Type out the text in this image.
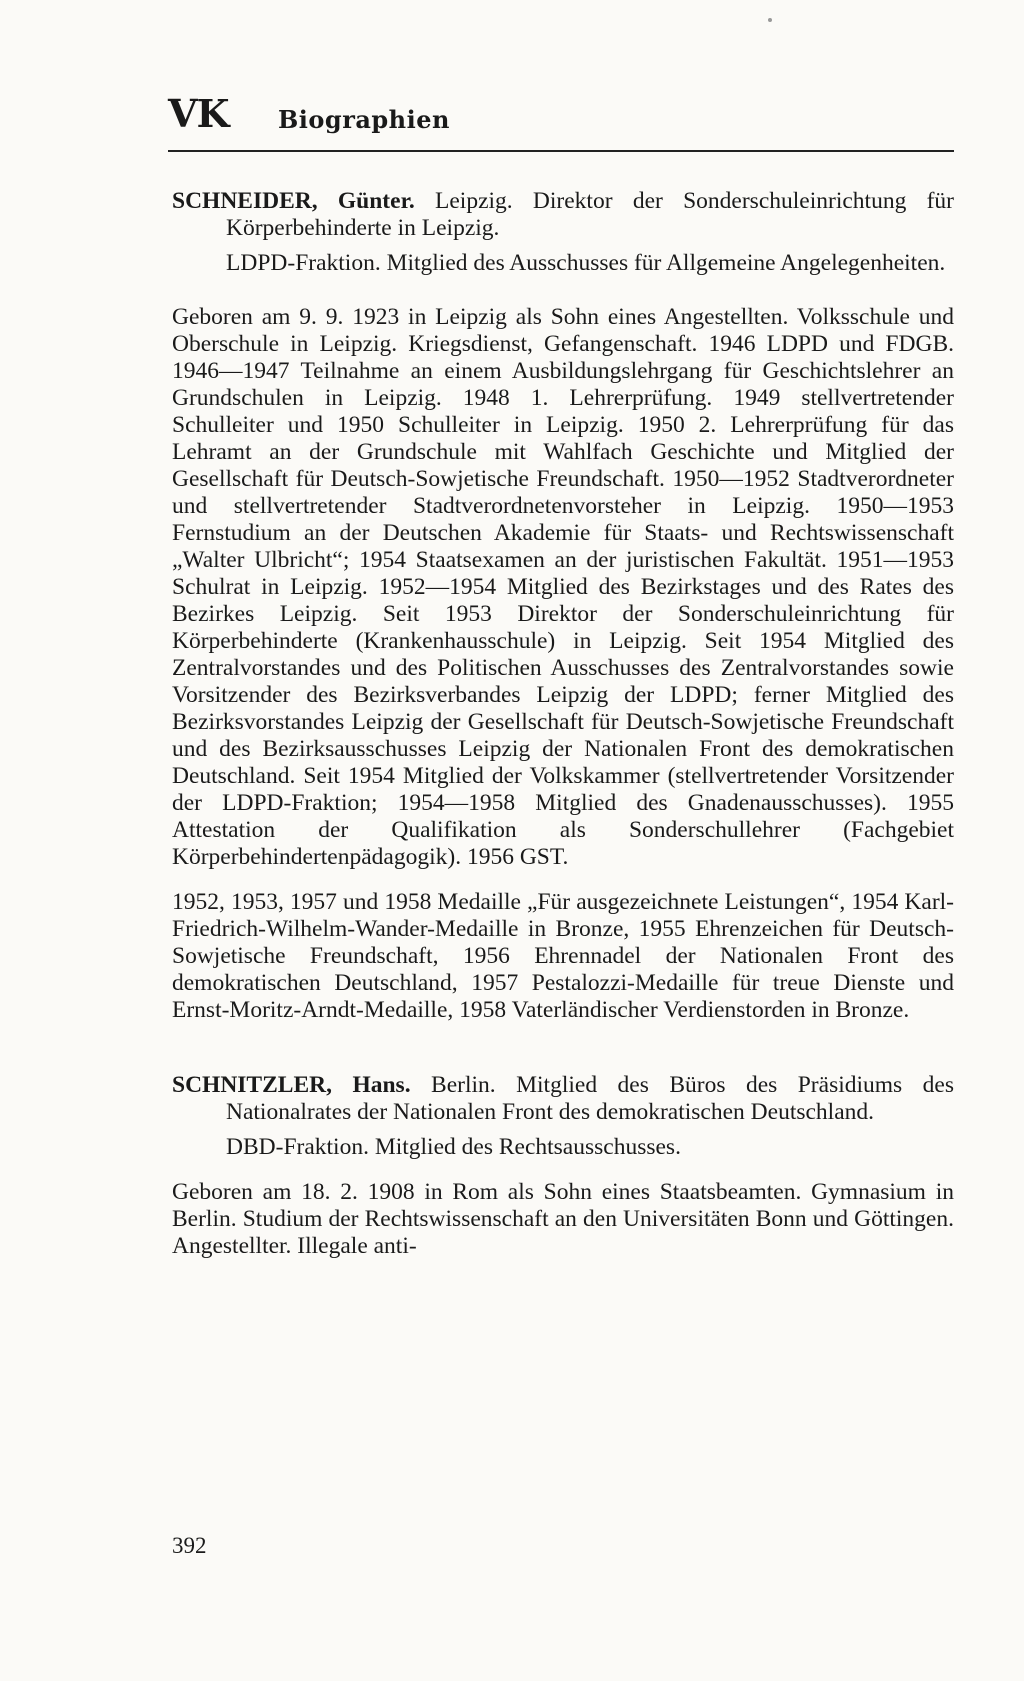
VK Biographien

SCHNEIDER, Günter. Leipzig. Direktor der Sonderschuleinrichtung für Körperbehinderte in Leipzig.

LDPD-Fraktion. Mitglied des Ausschusses für Allgemeine Angelegenheiten.

Geboren am 9. 9. 1923 in Leipzig als Sohn eines Angestellten. Volksschule und Oberschule in Leipzig. Kriegsdienst, Gefangenschaft. 1946 LDPD und FDGB. 1946—1947 Teilnahme an einem Ausbildungslehrgang für Geschichtslehrer an Grundschulen in Leipzig. 1948 1. Lehrerprüfung. 1949 stellvertretender Schulleiter und 1950 Schulleiter in Leipzig. 1950 2. Lehrerprüfung für das Lehramt an der Grundschule mit Wahlfach Geschichte und Mitglied der Gesellschaft für Deutsch-Sowjetische Freundschaft. 1950—1952 Stadtverordneter und stellvertretender Stadtverordnetenvorsteher in Leipzig. 1950—1953 Fernstudium an der Deutschen Akademie für Staats- und Rechtswissenschaft „Walter Ulbricht“; 1954 Staatsexamen an der juristischen Fakultät. 1951—1953 Schulrat in Leipzig. 1952—1954 Mitglied des Bezirkstages und des Rates des Bezirkes Leipzig. Seit 1953 Direktor der Sonderschuleinrichtung für Körperbehinderte (Krankenhausschule) in Leipzig. Seit 1954 Mitglied des Zentralvorstandes und des Politischen Ausschusses des Zentralvorstandes sowie Vorsitzender des Bezirksverbandes Leipzig der LDPD; ferner Mitglied des Bezirksvorstandes Leipzig der Gesellschaft für Deutsch-Sowjetische Freundschaft und des Bezirksausschusses Leipzig der Nationalen Front des demokratischen Deutschland. Seit 1954 Mitglied der Volkskammer (stellvertretender Vorsitzender der LDPD-Fraktion; 1954—1958 Mitglied des Gnadenausschusses). 1955 Attestation der Qualifikation als Sonderschullehrer (Fachgebiet Körperbehindertenpädagogik). 1956 GST.

1952, 1953, 1957 und 1958 Medaille „Für ausgezeichnete Leistungen“, 1954 Karl-Friedrich-Wilhelm-Wander-Medaille in Bronze, 1955 Ehrenzeichen für Deutsch-Sowjetische Freundschaft, 1956 Ehrennadel der Nationalen Front des demokratischen Deutschland, 1957 Pestalozzi-Medaille für treue Dienste und Ernst-Moritz-Arndt-Medaille, 1958 Vaterländischer Verdienstorden in Bronze.

SCHNITZLER, Hans. Berlin. Mitglied des Büros des Präsidiums des Nationalrates der Nationalen Front des demokratischen Deutschland.

DBD-Fraktion. Mitglied des Rechtsausschusses.

Geboren am 18. 2. 1908 in Rom als Sohn eines Staatsbeamten. Gymnasium in Berlin. Studium der Rechtswissenschaft an den Universitäten Bonn und Göttingen. Angestellter. Illegale anti-

392
